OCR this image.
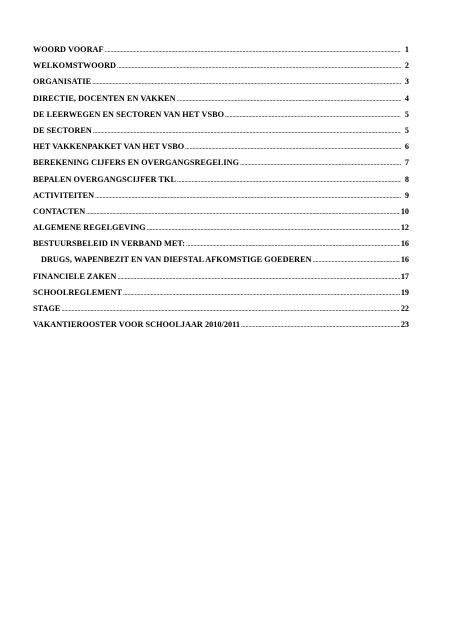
WOORD VOORAF .....	1
WELKOMSTWOORD .....	2
ORGANISATIE .....	3
DIRECTIE, DOCENTEN EN VAKKEN .....	4
DE LEERWEGEN EN SECTOREN VAN HET VSBO .....	5
DE SECTOREN .....	5
HET VAKKENPAKKET VAN HET VSBO .....	6
BEREKENING CIJFERS EN OVERGANGSREGELING .....	7
BEPALEN OVERGANGSCIJFER TKL .....	8
ACTIVITEITEN .....	9
CONTACTEN .....	10
ALGEMENE REGELGEVING .....	12
BESTUURSBELEID IN VERBAND MET: .....	16
DRUGS, WAPENBEZIT EN VAN DIEFSTAL AFKOMSTIGE GOEDEREN .....	16
FINANCIELE ZAKEN .....	17
SCHOOLREGLEMENT .....	19
STAGE .....	22
VAKANTIEROOSTER VOOR SCHOOLJAAR 2010/2011 .....	23
